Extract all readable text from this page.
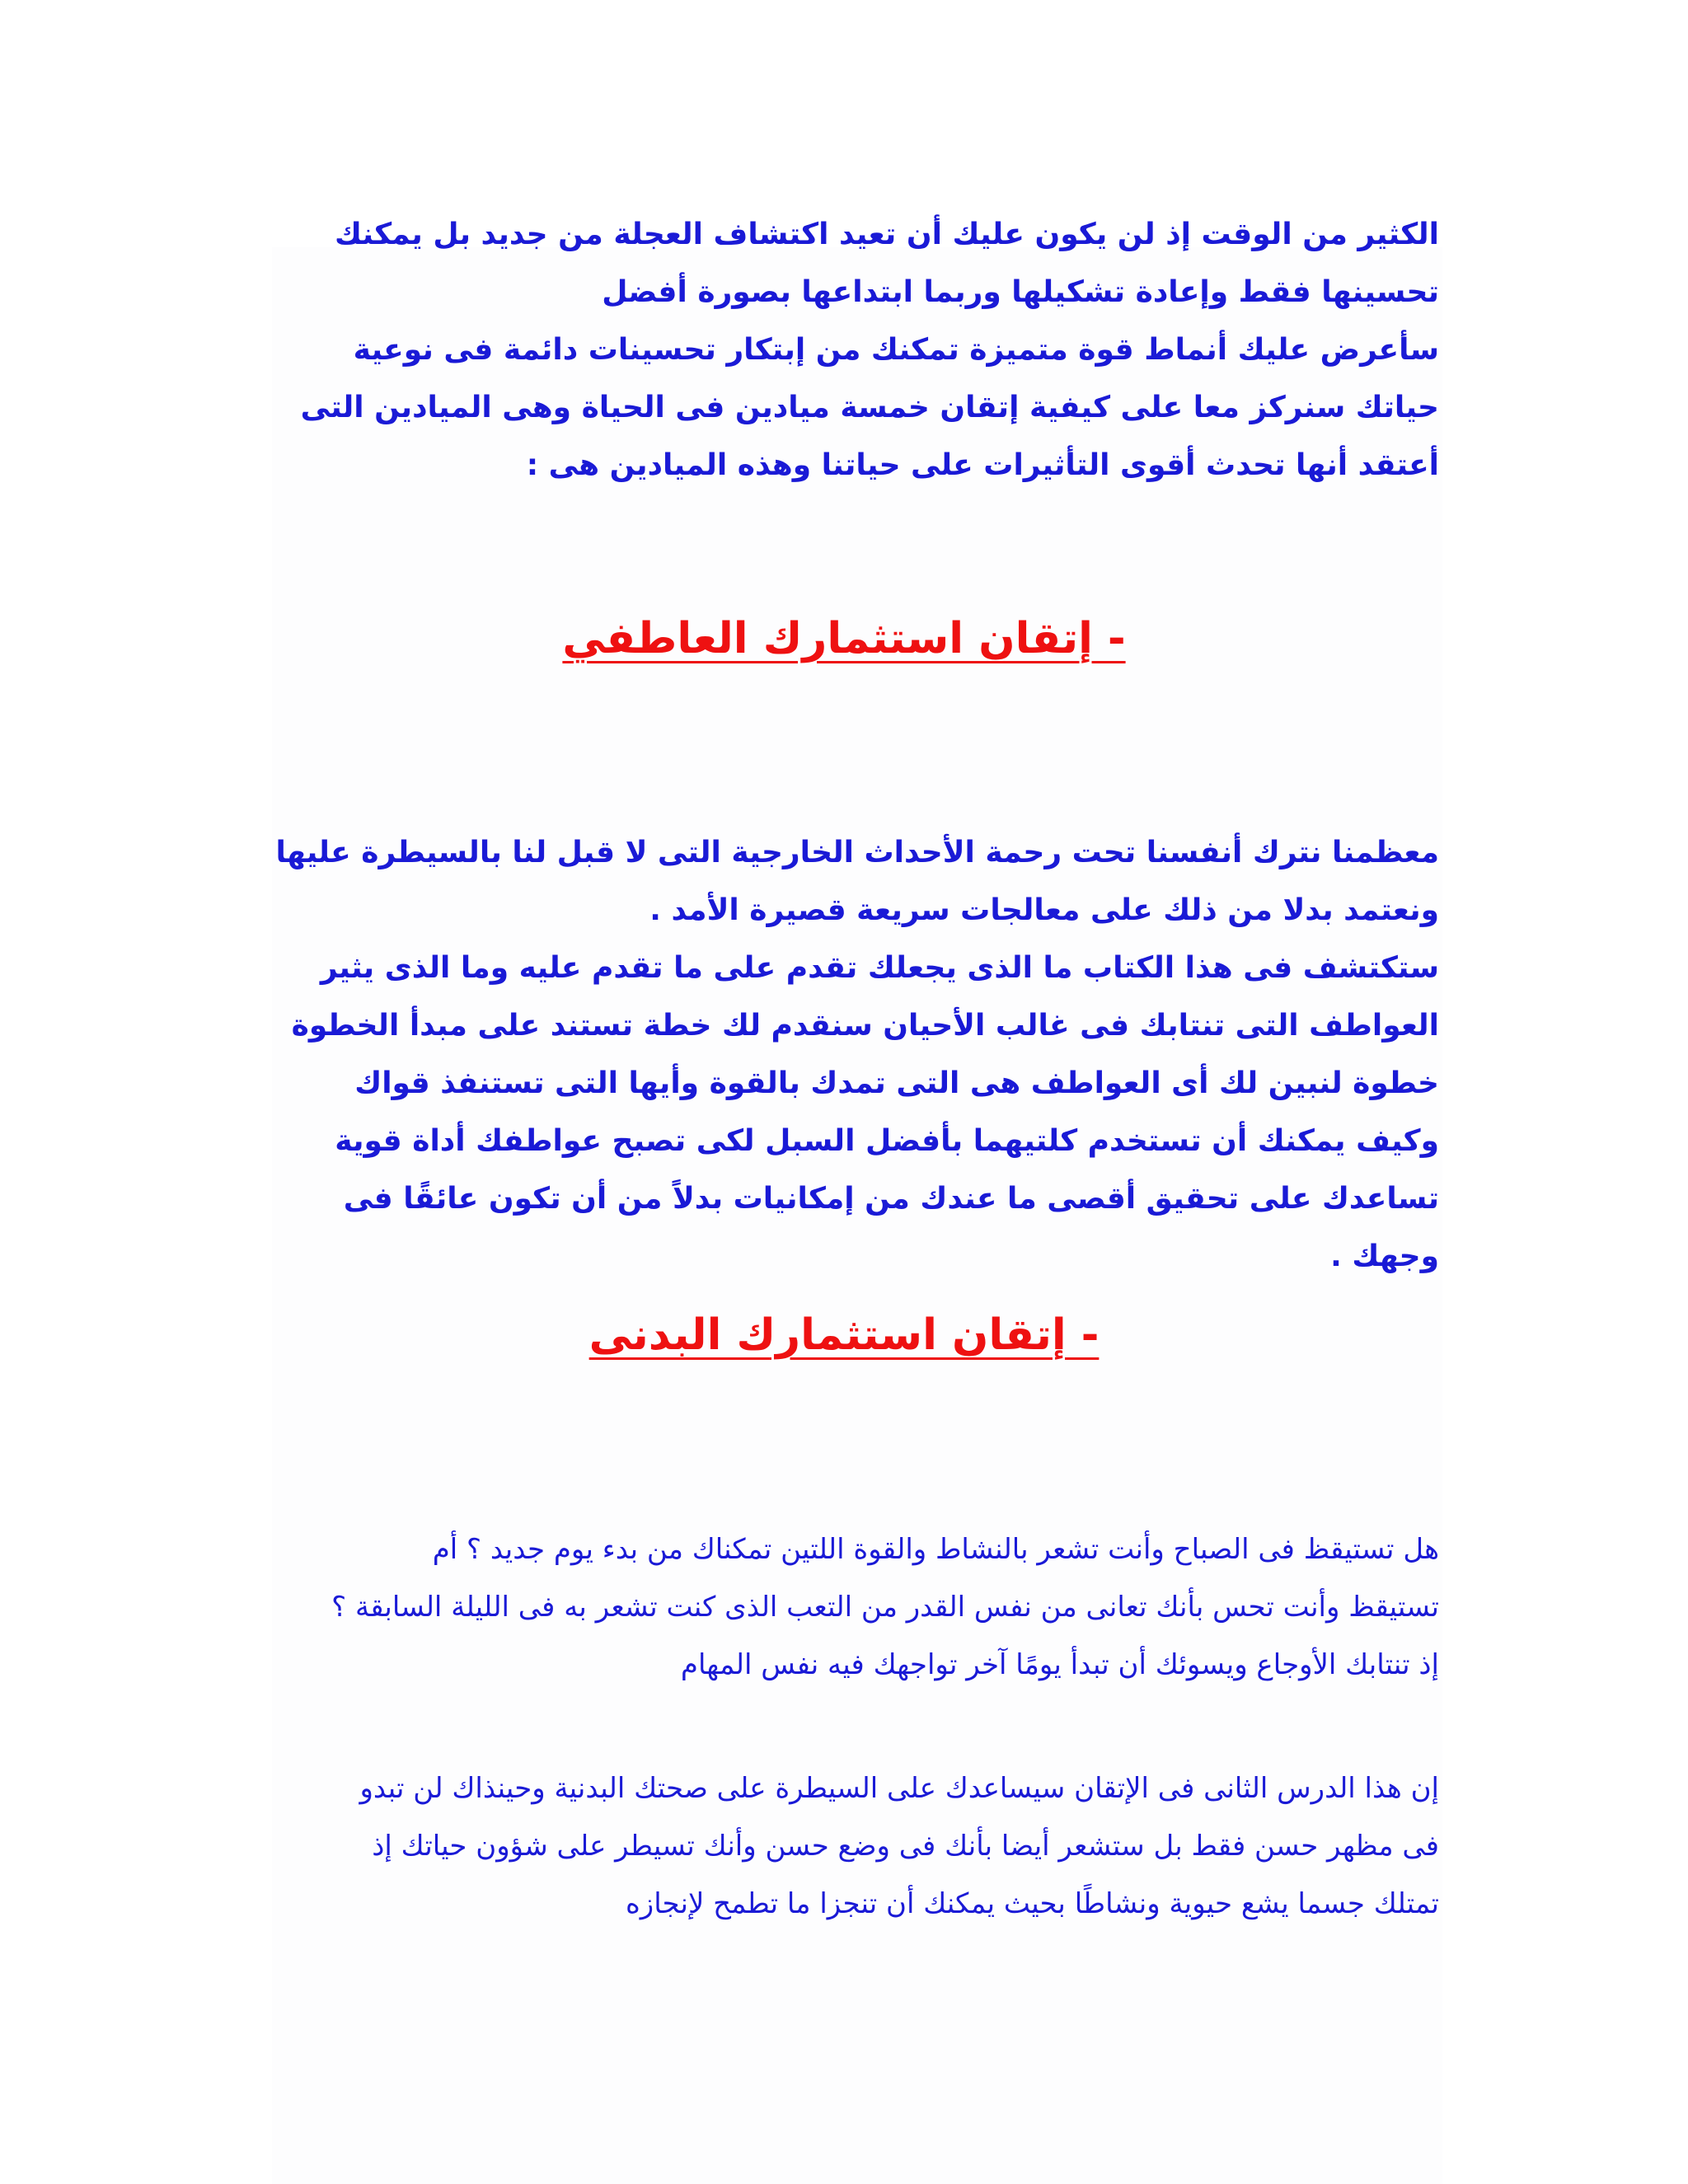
الكثير من الوقت إذ لن يكون عليك أن تعيد اكتشاف العجلة من جديد بل يمكنك
تحسينها فقط وإعادة تشكيلها وربما ابتداعها بصورة أفضل
سأعرض عليك أنماط قوة متميزة تمكنك من إبتكار تحسينات دائمة فى نوعية
حياتك سنركز معا على كيفية إتقان خمسة ميادين فى الحياة وهى الميادين التى
أعتقد أنها تحدث أقوى التأثيرات على حياتنا وهذه الميادين هى :
- إتقان استثمارك العاطفي
معظمنا نترك أنفسنا تحت رحمة الأحداث الخارجية التى لا قبل لنا بالسيطرة عليها
ونعتمد بدلا من ذلك على معالجات سريعة قصيرة الأمد .
ستكتشف فى هذا الكتاب ما الذى يجعلك تقدم على ما تقدم عليه وما الذى يثير
العواطف التى تنتابك فى غالب الأحيان سنقدم لك خطة تستند على مبدأ الخطوة
خطوة لنبين لك أى العواطف هى التى تمدك بالقوة وأيها التى تستنفذ قواك
وكيف يمكنك أن تستخدم كلتيهما بأفضل السبل لكى تصبح عواطفك أداة قوية
تساعدك على تحقيق أقصى ما عندك من إمكانيات بدلاً من أن تكون عائقًا فى
وجهك .
- إتقان استثمارك البدنى
هل تستيقظ فى الصباح وأنت تشعر بالنشاط والقوة اللتين تمكناك من بدء يوم جديد ؟ أم
تستيقظ وأنت تحس بأنك تعانى من نفس القدر من التعب الذى كنت تشعر به فى الليلة السابقة ؟
إذ تنتابك الأوجاع ويسوئك أن تبدأ يومًا آخر تواجهك فيه نفس المهام
إن هذا الدرس الثانى فى الإتقان سيساعدك على السيطرة على صحتك البدنية وحينذاك لن تبدو
فى مظهر حسن فقط بل ستشعر أيضا بأنك فى وضع حسن وأنك تسيطر على شؤون حياتك إذ
تمتلك جسما يشع حيوية ونشاطًا بحيث يمكنك أن تنجزا ما تطمح لإنجازه
